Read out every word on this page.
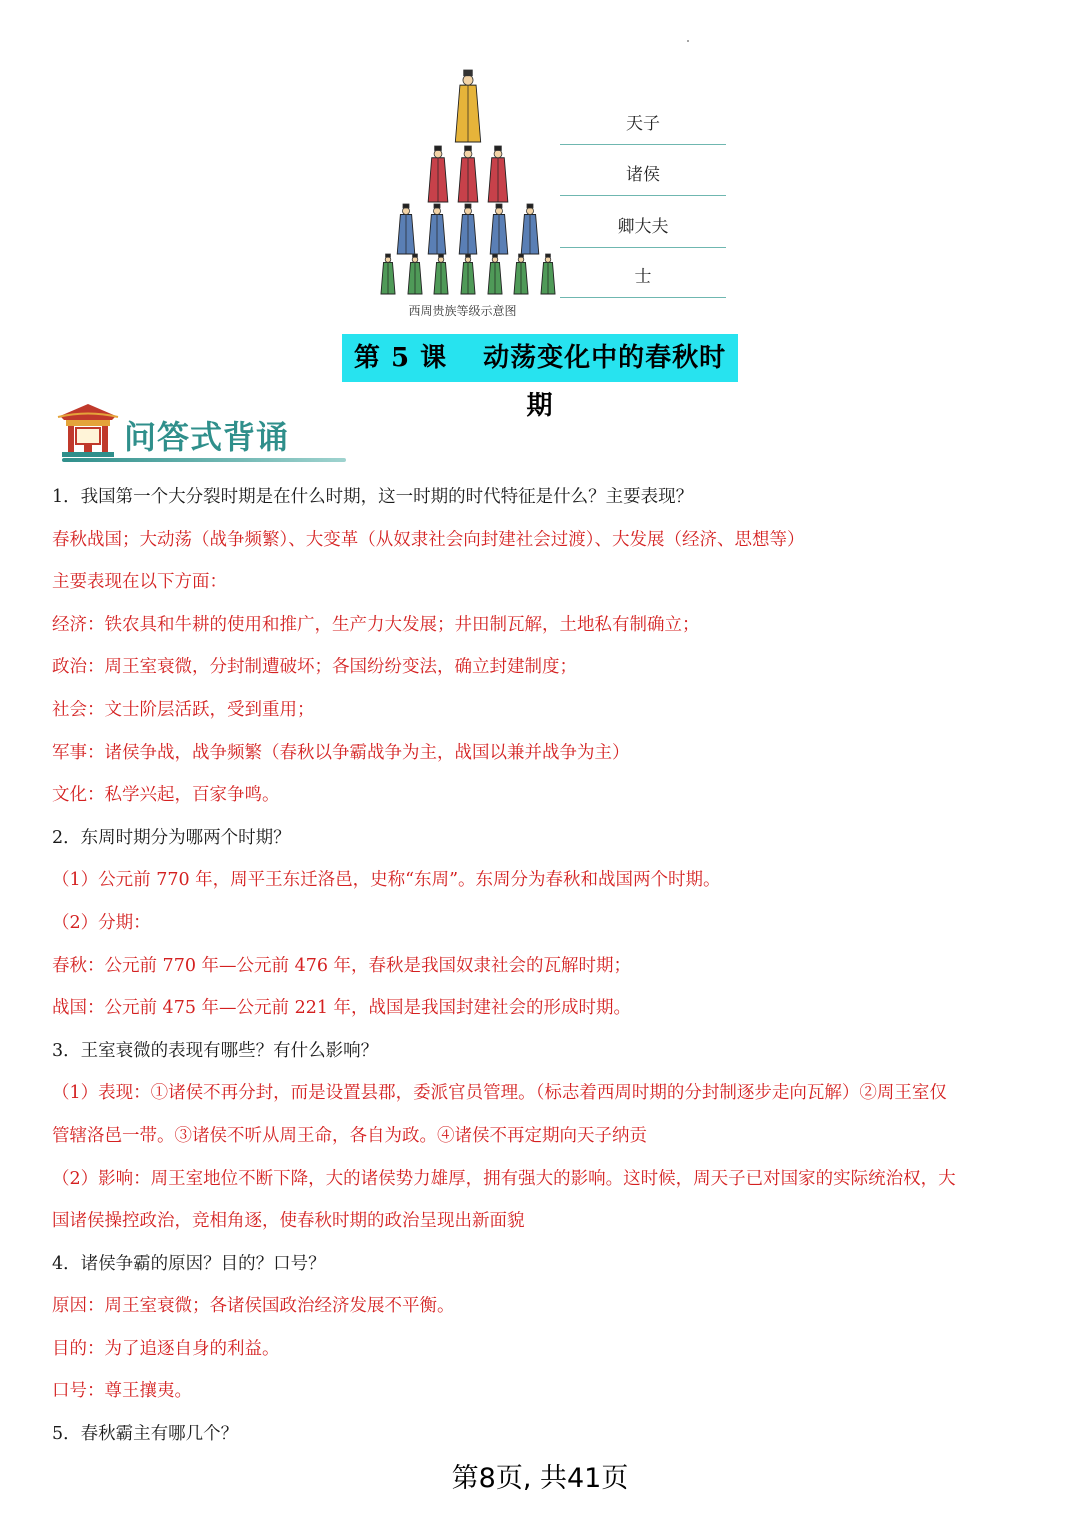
西周贵族等级示意图
天子
诸侯
卿大夫
士
第 5 课 动荡变化中的春秋时期
问答式背诵

1．我国第一个大分裂时期是在什么时期，这一时期的时代特征是什么？主要表现？

春秋战国；大动荡（战争频繁）、大变革（从奴隶社会向封建社会过渡）、大发展（经济、思想等）

主要表现在以下方面：

经济：铁农具和牛耕的使用和推广，生产力大发展；井田制瓦解，土地私有制确立；

政治：周王室衰微，分封制遭破坏；各国纷纷变法，确立封建制度；

社会：文士阶层活跃，受到重用；

军事：诸侯争战，战争频繁（春秋以争霸战争为主，战国以兼并战争为主）

文化：私学兴起，百家争鸣。

2．东周时期分为哪两个时期？

（1）公元前 770 年，周平王东迁洛邑，史称“东周”。东周分为春秋和战国两个时期。

（2）分期：

春秋：公元前 770 年—公元前 476 年，春秋是我国奴隶社会的瓦解时期；

战国：公元前 475 年—公元前 221 年，战国是我国封建社会的形成时期。

3．王室衰微的表现有哪些？有什么影响？

（1）表现：①诸侯不再分封，而是设置县郡，委派官员管理。（标志着西周时期的分封制逐步走向瓦解）②周王室仅

管辖洛邑一带。③诸侯不听从周王命，各自为政。④诸侯不再定期向天子纳贡

（2）影响：周王室地位不断下降，大的诸侯势力雄厚，拥有强大的影响。这时候，周天子已对国家的实际统治权，大

国诸侯操控政治，竞相角逐，使春秋时期的政治呈现出新面貌

4．诸侯争霸的原因？目的？口号？

原因：周王室衰微；各诸侯国政治经济发展不平衡。

目的：为了追逐自身的利益。

口号：尊王攘夷。

5．春秋霸主有哪几个？

第8页, 共41页
